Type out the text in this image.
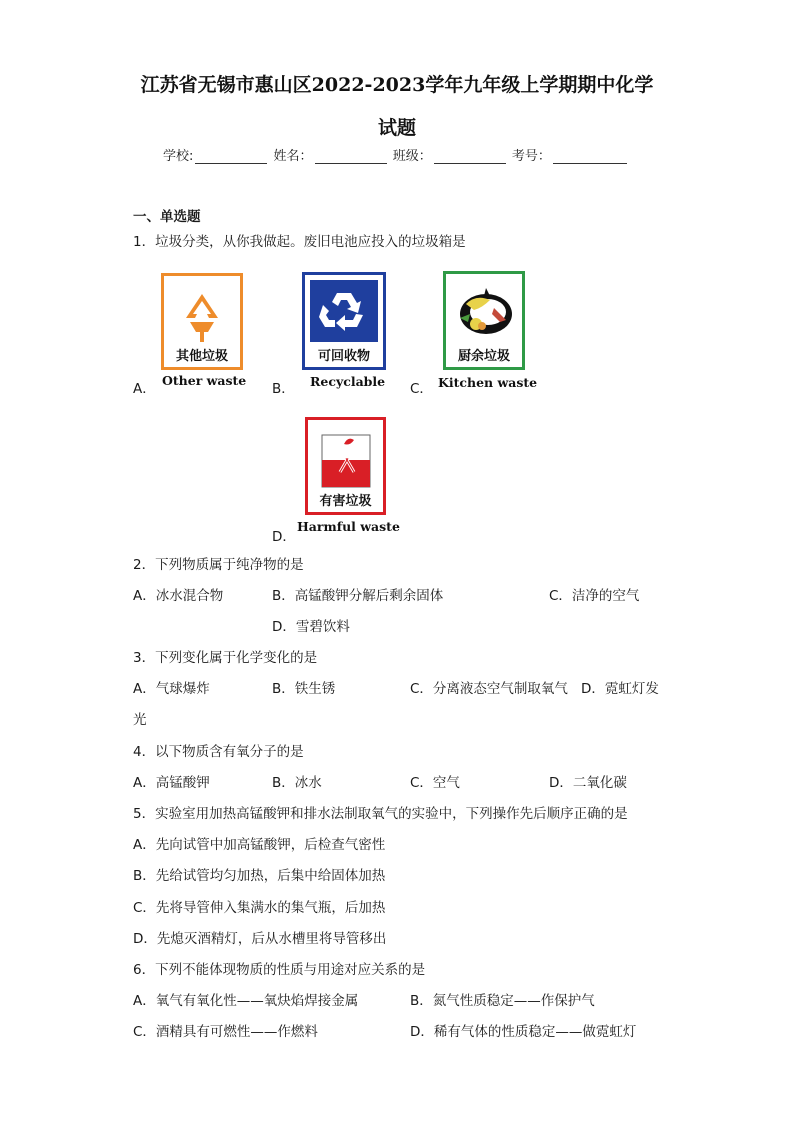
江苏省无锡市惠山区2022-2023学年九年级上学期期中化学
试题
学校:	姓名：	班级：	考号：
一、单选题
1．垃圾分类，从你我做起。废旧电池应投入的垃圾箱是
A．
其他垃圾
Other waste
B．
可回收物
Recyclable C．
厨余垃圾
Kitchen waste
D．
有害垃圾
Harmful waste
2．下列物质属于纯净物的是
A．冰水混合物	B．高锰酸钾分解后剩余固体	C．洁净的空气
D．雪碧饮料
3．下列变化属于化学变化的是
A．气球爆炸	B．铁生锈	C．分离液态空气制取氧气 D．霓虹灯发
光
4．以下物质含有氧分子的是
A．高锰酸钾	B．冰水	C．空气	D．二氧化碳
5．实验室用加热高锰酸钾和排水法制取氧气的实验中，下列操作先后顺序正确的是
A．先向试管中加高锰酸钾，后检查气密性
B．先给试管均匀加热，后集中给固体加热
C．先将导管伸入集满水的集气瓶，后加热
D．先熄灭酒精灯，后从水槽里将导管移出
6．下列不能体现物质的性质与用途对应关系的是
A．氧气有氧化性——氧炔焰焊接金属	B．氮气性质稳定——作保护气
C．酒精具有可燃性——作燃料	D．稀有气体的性质稳定——做霓虹灯
